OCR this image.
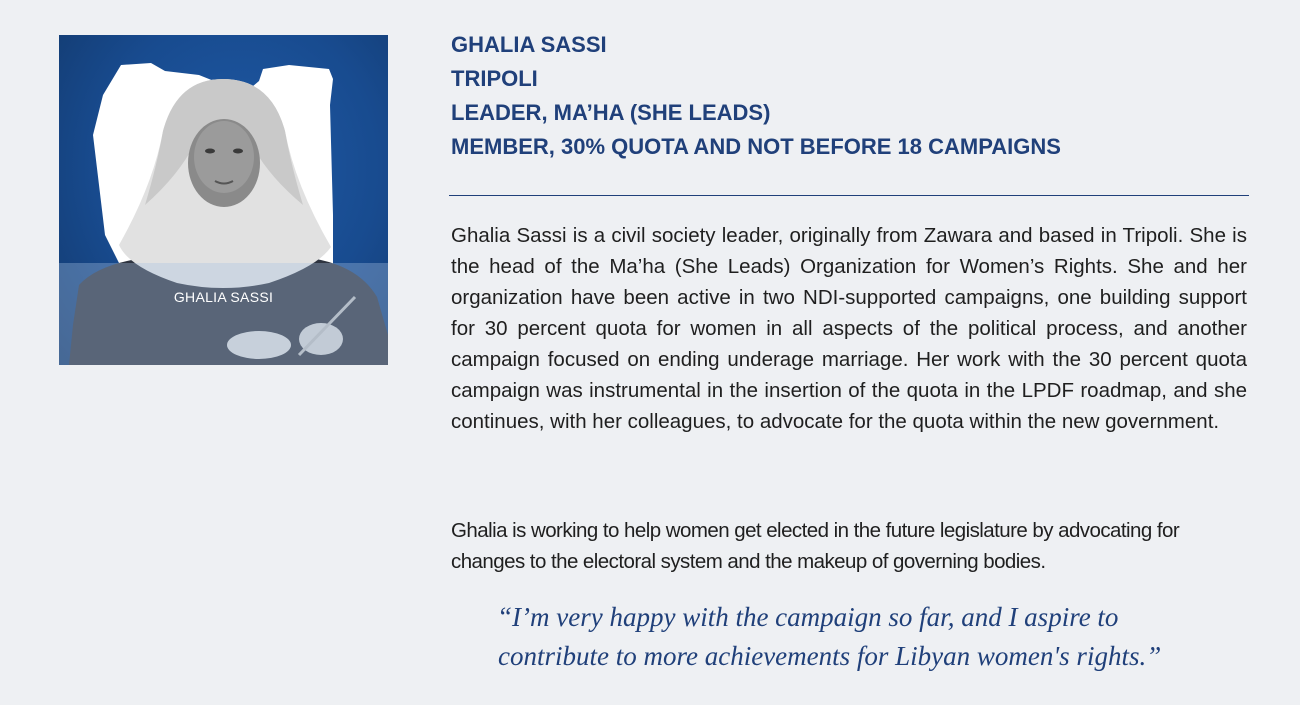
GHALIA SASSI
GHALIA SASSI
TRIPOLI
LEADER, MA’HA (SHE LEADS)
MEMBER, 30% QUOTA AND NOT BEFORE 18 CAMPAIGNS
Ghalia Sassi is a civil society leader, originally from Zawara and based in Tripoli. She is the head of the Ma’ha (She Leads) Organization for Women’s Rights. She and her organization have been active in two NDI-supported campaigns, one building support for 30 percent quota for women in all aspects of the political process, and another campaign focused on ending underage marriage. Her work with the 30 percent quota campaign was instrumental in the insertion of the quota in the LPDF roadmap, and she continues, with her colleagues, to advocate for the quota within the new government.
Ghalia is working to help women get elected in the future legislature by advocating for changes to the electoral system and the makeup of governing bodies.
“I’m very happy with the campaign so far, and I aspire to
contribute to more achievements for Libyan women's rights.”
